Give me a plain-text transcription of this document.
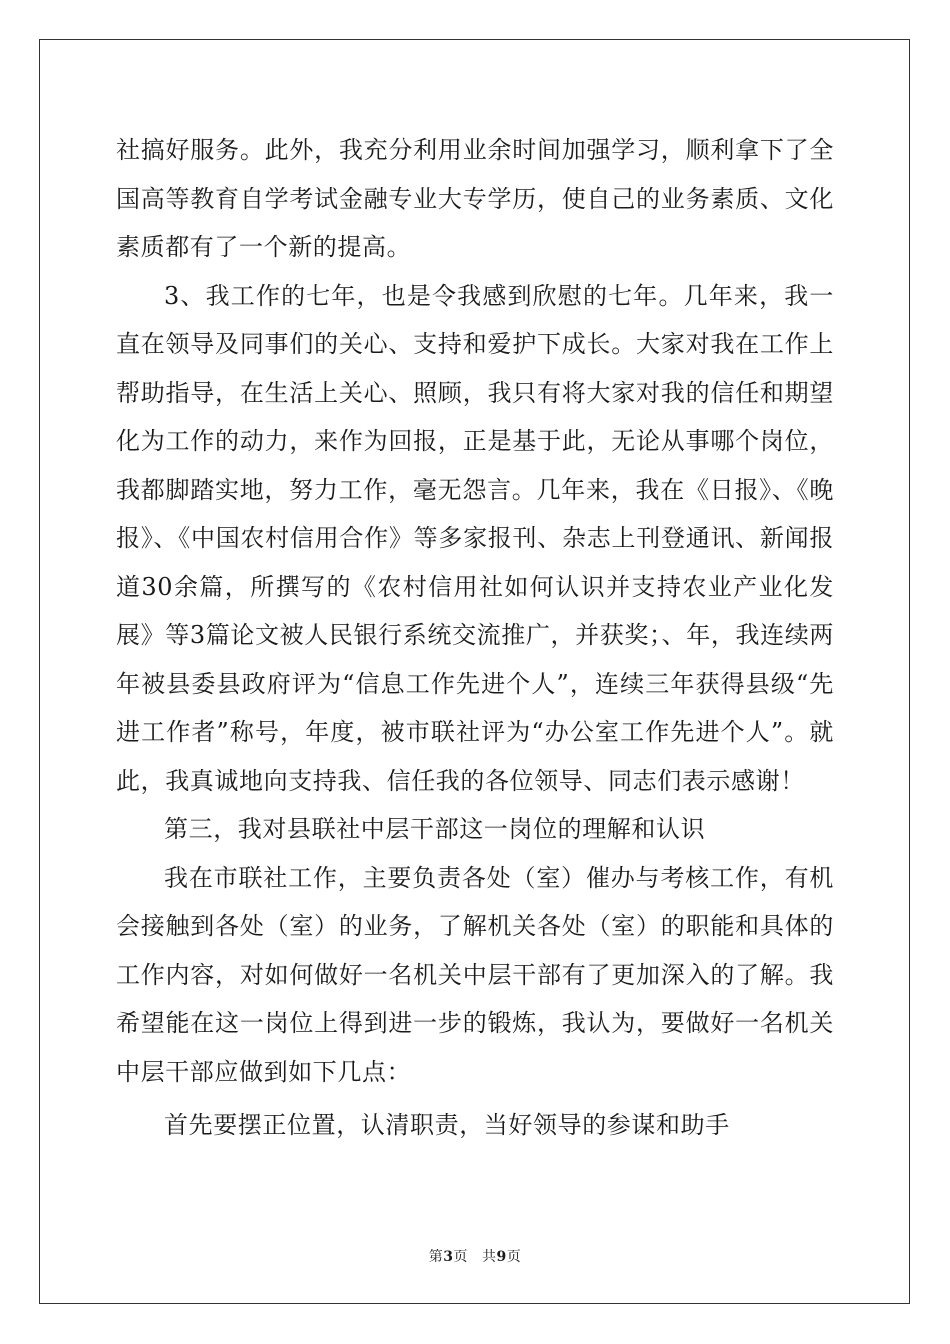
社搞好服务。此外，我充分利用业余时间加强学习，顺利拿下了全国高等教育自学考试金融专业大专学历，使自己的业务素质、文化素质都有了一个新的提高。

3、我工作的七年，也是令我感到欣慰的七年。几年来，我一直在领导及同事们的关心、支持和爱护下成长。大家对我在工作上帮助指导，在生活上关心、照顾，我只有将大家对我的信任和期望化为工作的动力，来作为回报，正是基于此，无论从事哪个岗位，我都脚踏实地，努力工作，毫无怨言。几年来，我在《日报》、《晚报》、《中国农村信用合作》等多家报刊、杂志上刊登通讯、新闻报道30余篇，所撰写的《农村信用社如何认识并支持农业产业化发展》等3篇论文被人民银行系统交流推广，并获奖；、年，我连续两年被县委县政府评为“信息工作先进个人”，连续三年获得县级“先进工作者”称号，年度，被市联社评为“办公室工作先进个人”。就此，我真诚地向支持我、信任我的各位领导、同志们表示感谢！

第三，我对县联社中层干部这一岗位的理解和认识

我在市联社工作，主要负责各处（室）催办与考核工作，有机会接触到各处（室）的业务，了解机关各处（室）的职能和具体的工作内容，对如何做好一名机关中层干部有了更加深入的了解。我希望能在这一岗位上得到进一步的锻炼，我认为，要做好一名机关中层干部应做到如下几点：

首先要摆正位置，认清职责，当好领导的参谋和助手

第3页 共9页
